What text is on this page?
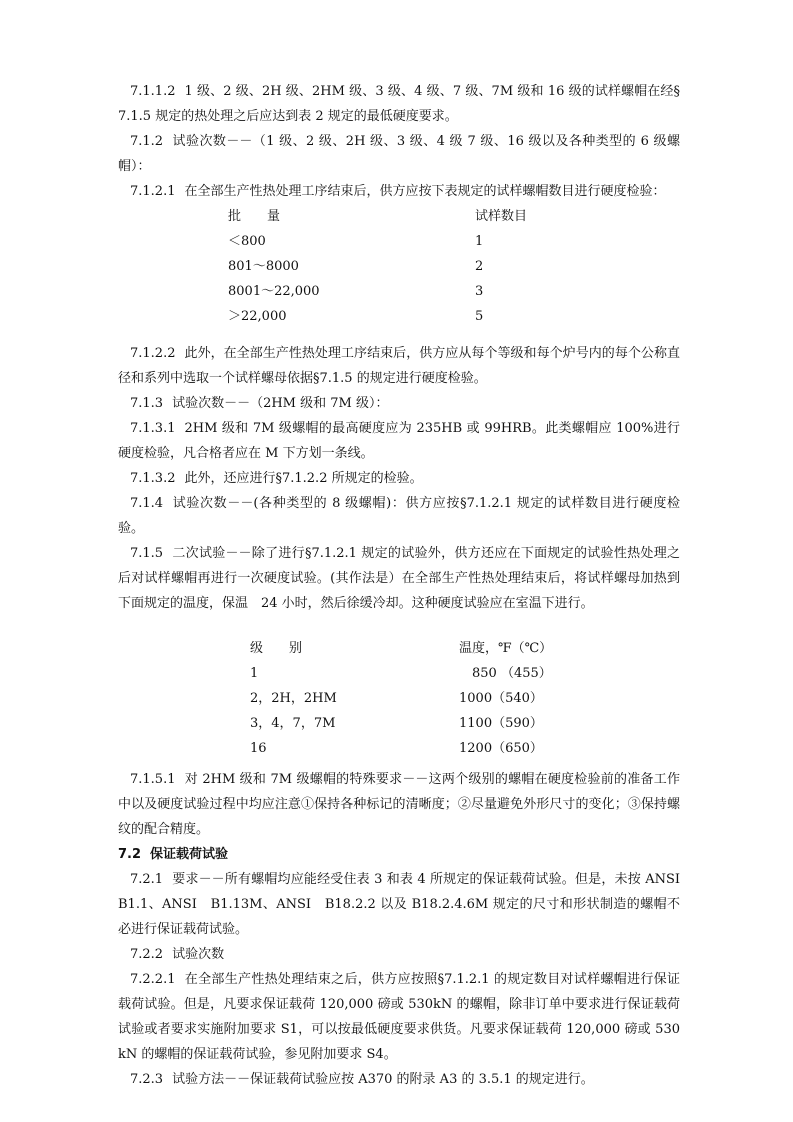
7.1.1.2 1 级、2 级、2H 级、2HM 级、3 级、4 级、7 级、7M 级和 16 级的试样螺帽在经§7.1.5 规定的热处理之后应达到表 2 规定的最低硬度要求。

7.1.2 试验次数－－（1 级、2 级、2H 级、3 级、4 级 7 级、16 级以及各种类型的 6 级螺帽）：

7.1.2.1 在全部生产性热处理工序结束后，供方应按下表规定的试样螺帽数目进行硬度检验：

批　　量	试样数目
＜800	1
801～8000	2
8001～22,000	3
＞22,000	5

7.1.2.2 此外，在全部生产性热处理工序结束后，供方应从每个等级和每个炉号内的每个公称直径和系列中选取一个试样螺母依据§7.1.5 的规定进行硬度检验。

7.1.3 试验次数－－（2HM 级和 7M 级）：

7.1.3.1 2HM 级和 7M 级螺帽的最高硬度应为 235HB 或 99HRB。此类螺帽应 100%进行硬度检验，凡合格者应在 M 下方划一条线。

7.1.3.2 此外，还应进行§7.1.2.2 所规定的检验。

7.1.4 试验次数－－(各种类型的 8 级螺帽)：供方应按§7.1.2.1 规定的试样数目进行硬度检验。

7.1.5 二次试验－－除了进行§7.1.2.1 规定的试验外，供方还应在下面规定的试验性热处理之后对试样螺帽再进行一次硬度试验。(其作法是）在全部生产性热处理结束后，将试样螺母加热到下面规定的温度，保温　24 小时，然后徐缓冷却。这种硬度试验应在室温下进行。

级　　别	温度，℉（℃）
1	　850 （455）
2，2H，2HM	1000（540）
3，4，7，7M	1100（590）
16	1200（650）

7.1.5.1 对 2HM 级和 7M 级螺帽的特殊要求－－这两个级别的螺帽在硬度检验前的准备工作中以及硬度试验过程中均应注意①保持各种标记的清晰度；②尽量避免外形尺寸的变化；③保持螺纹的配合精度。

7.2 保证载荷试验

7.2.1 要求－－所有螺帽均应能经受住表 3 和表 4 所规定的保证载荷试验。但是，未按 ANSI B1.1、ANSI　B1.13M、ANSI　B18.2.2 以及 B18.2.4.6M 规定的尺寸和形状制造的螺帽不必进行保证载荷试验。

7.2.2 试验次数

7.2.2.1 在全部生产性热处理结束之后，供方应按照§7.1.2.1 的规定数目对试样螺帽进行保证载荷试验。但是，凡要求保证载荷 120,000 磅或 530kN 的螺帽，除非订单中要求进行保证载荷试验或者要求实施附加要求 S1，可以按最低硬度要求供货。凡要求保证载荷 120,000 磅或 530kN 的螺帽的保证载荷试验，参见附加要求 S4。

7.2.3 试验方法－－保证载荷试验应按 A370 的附录 A3 的 3.5.1 的规定进行。
